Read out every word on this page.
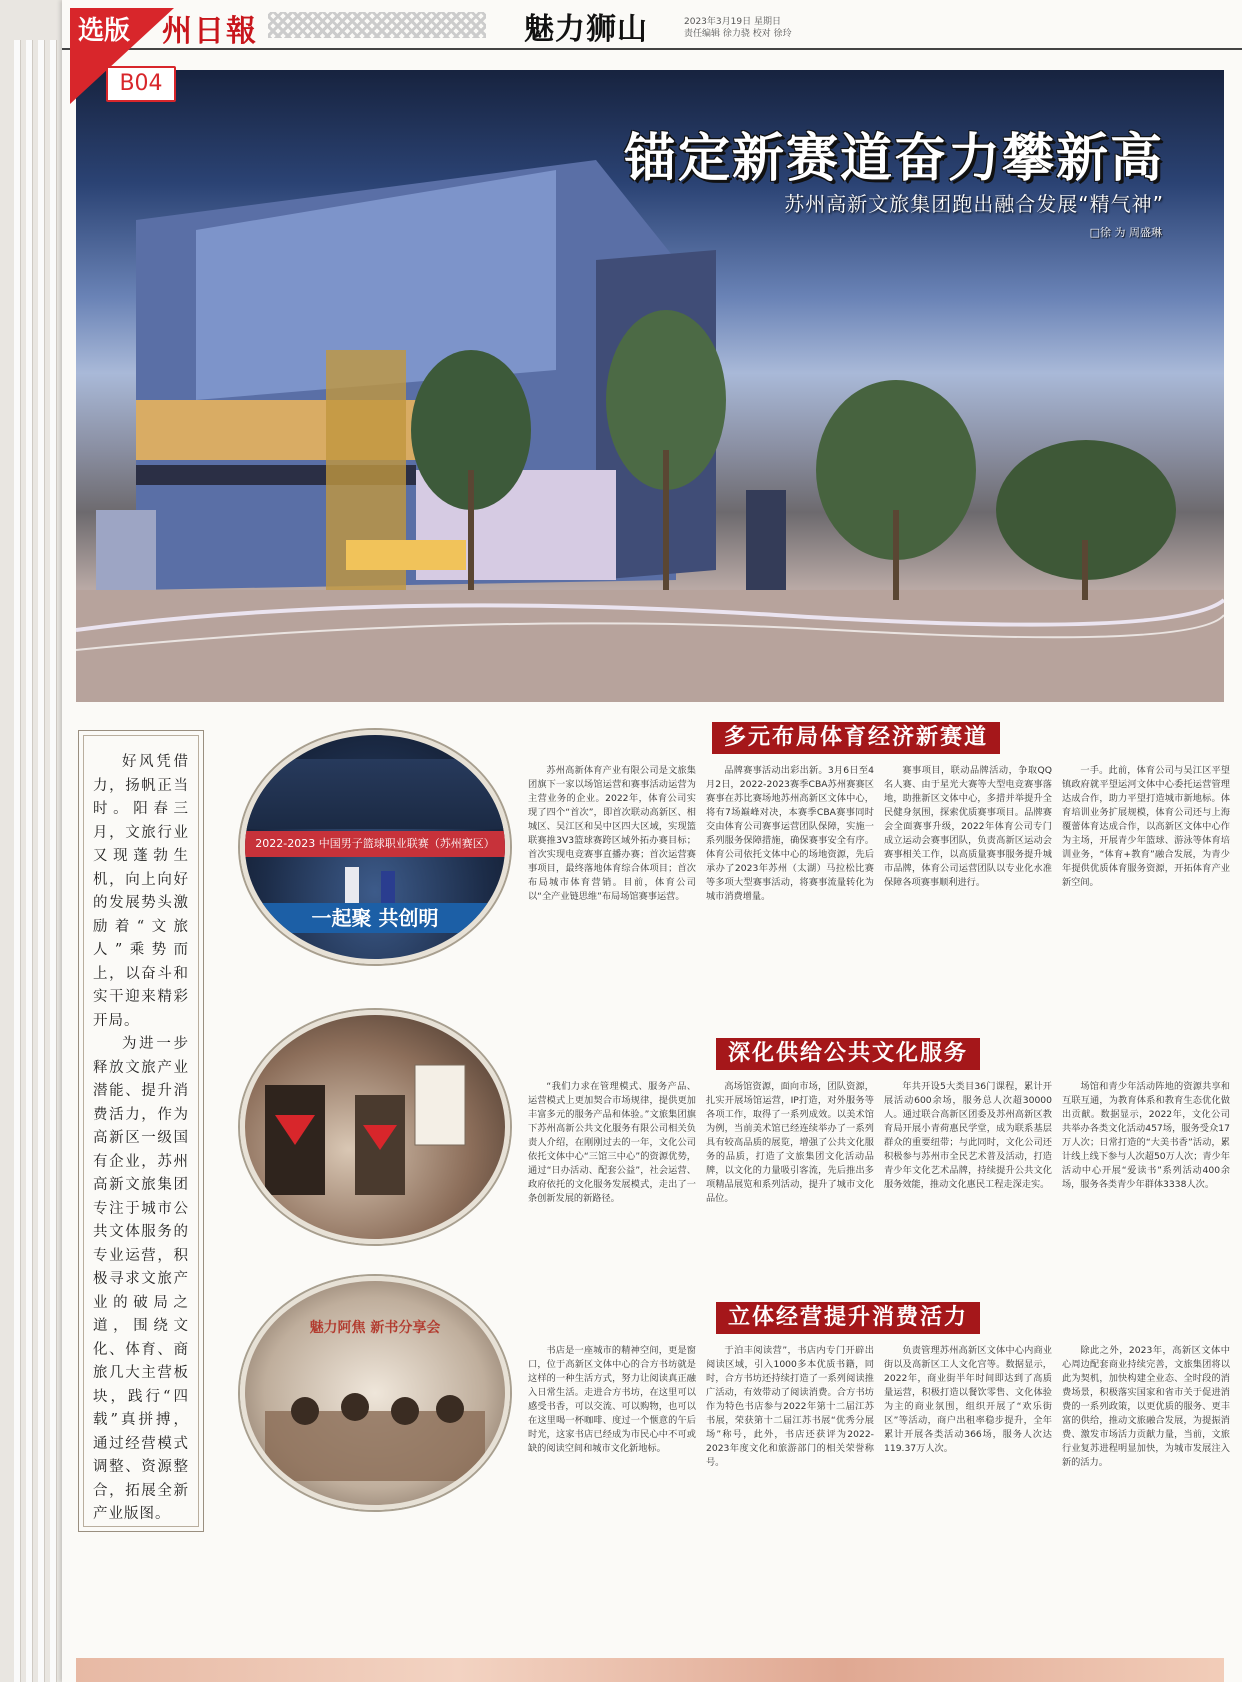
州日報	魅力狮山	2023年3月19日 星期日
责任编辑 徐力骁 校对 徐玲
锚定新赛道奋力攀新高
苏州高新文旅集团跑出融合发展“精气神”
□徐 为 周盛琳

好风凭借力，扬帆正当时。阳春三月，文旅行业又现蓬勃生机，向上向好的发展势头激励着“文旅人”乘势而上，以奋斗和实干迎来精彩开局。

为进一步释放文旅产业潜能、提升消费活力，作为高新区一级国有企业，苏州高新文旅集团专注于城市公共文体服务的专业运营，积极寻求文旅产业的破局之道，围绕文化、体育、商旅几大主营板块，践行“四载”真拼搏，通过经营模式调整、资源整合，拓展全新产业版图。

2022-2023 中国男子篮球职业联赛（苏州赛区）
一起聚 共创明
魅力阿焦 新书分享会
多元布局体育经济新赛道

苏州高新体育产业有限公司是文旅集团旗下一家以场馆运营和赛事活动运营为主营业务的企业。2022年，体育公司实现了四个“首次”，即首次联动高新区、相城区、吴江区和吴中区四大区域，实现篮联赛推3V3篮球赛跨区域外拓办赛目标；首次实现电竞赛事直播办赛；首次运营赛事项目，最终落地体育综合体项目；首次布局城市体育营销。目前，体育公司以“全产业链思维”布局场馆赛事运营。

品牌赛事活动出彩出新。3月6日至4月2日，2022-2023赛季CBA苏州赛赛区赛事在苏比赛场地苏州高新区文体中心，将有7场巅峰对决，本赛季CBA赛事同时交由体育公司赛事运营团队保障，实施一系列服务保障措施，确保赛事安全有序。体育公司依托文体中心的场地资源，先后承办了2023年苏州（太湖）马拉松比赛等多项大型赛事活动，将赛事流量转化为城市消费增量。

赛事项目，联动品牌活动，争取QQ名人赛、由于星光大赛等大型电竞赛事落地，助推新区文体中心，多措并举提升全民健身氛围，探索优质赛事项目。品牌赛会全面赛事升级，2022年体育公司专门成立运动会赛事团队，负责高新区运动会赛事相关工作，以高质量赛事服务提升城市品牌，体育公司运营团队以专业化水准保障各项赛事顺利进行。

一手。此前，体育公司与吴江区平望镇政府就平望运河文体中心委托运营管理达成合作，助力平望打造城市新地标。体育培训业务扩展规模，体育公司还与上海覆蕾体育达成合作，以高新区文体中心作为主场，开展青少年篮球、游泳等体育培训业务，“体育+教育”融合发展，为青少年提供优质体育服务资源，开拓体育产业新空间。

深化供给公共文化服务

“我们力求在管理模式、服务产品、运营模式上更加契合市场规律，提供更加丰富多元的服务产品和体验。”文旅集团旗下苏州高新公共文化服务有限公司相关负责人介绍，在刚刚过去的一年，文化公司依托文体中心“三馆三中心”的资源优势，通过“日办活动、配套公益”，社会运营、政府依托的文化服务发展模式，走出了一条创新发展的新路径。

高场馆资源，面向市场，团队资源，扎实开展场馆运营，IP打造，对外服务等各项工作，取得了一系列成效。以美术馆为例，当前美术馆已经连续举办了一系列具有较高品质的展览，增强了公共文化服务的品质，打造了文旅集团文化活动品牌，以文化的力量吸引客流，先后推出多项精品展览和系列活动，提升了城市文化品位。

年共开设5大类目36门课程，累计开展活动600余场，服务总人次超30000人。通过联合高新区团委及苏州高新区教育局开展小青荷惠民学堂，成为联系基层群众的重要纽带；与此同时，文化公司还积极参与苏州市全民艺术普及活动，打造青少年文化艺术品牌，持续提升公共文化服务效能，推动文化惠民工程走深走实。

场馆和青少年活动阵地的资源共享和互联互通，为教育体系和教育生态优化做出贡献。数据显示，2022年，文化公司共举办各类文化活动457场，服务受众17万人次；日常打造的“大美书香”活动，累计线上线下参与人次超50万人次；青少年活动中心开展“爱读书”系列活动400余场，服务各类青少年群体3338人次。

立体经营提升消费活力

书店是一座城市的精神空间，更是窗口，位于高新区文体中心的合方书坊就是这样的一种生活方式，努力让阅读真正融入日常生活。走进合方书坊，在这里可以感受书香，可以交流、可以购物，也可以在这里喝一杯咖啡、度过一个惬意的午后时光，这家书店已经成为市民心中不可或缺的阅读空间和城市文化新地标。

于泊丰阅读营”，书店内专门开辟出阅读区域，引入1000多本优质书籍，同时，合方书坊还持续打造了一系列阅读推广活动，有效带动了阅读消费。合方书坊作为特色书店参与2022年第十二届江苏书展，荣获第十二届江苏书展“优秀分展场”称号，此外，书店还获评为2022-2023年度文化和旅游部门的相关荣誉称号。

负责管理苏州高新区文体中心内商业街以及高新区工人文化宫等。数据显示，2022年，商业街半年时间即达到了高质量运营，积极打造以餐饮零售、文化体验为主的商业氛围，组织开展了“欢乐街区”等活动，商户出租率稳步提升，全年累计开展各类活动366场，服务人次达119.37万人次。

除此之外，2023年，高新区文体中心周边配套商业持续完善，文旅集团将以此为契机，加快构建全业态、全时段的消费场景，积极落实国家和省市关于促进消费的一系列政策，以更优质的服务、更丰富的供给，推动文旅融合发展，为提振消费、激发市场活力贡献力量，当前，文旅行业复苏进程明显加快，为城市发展注入新的活力。

选版
B04
